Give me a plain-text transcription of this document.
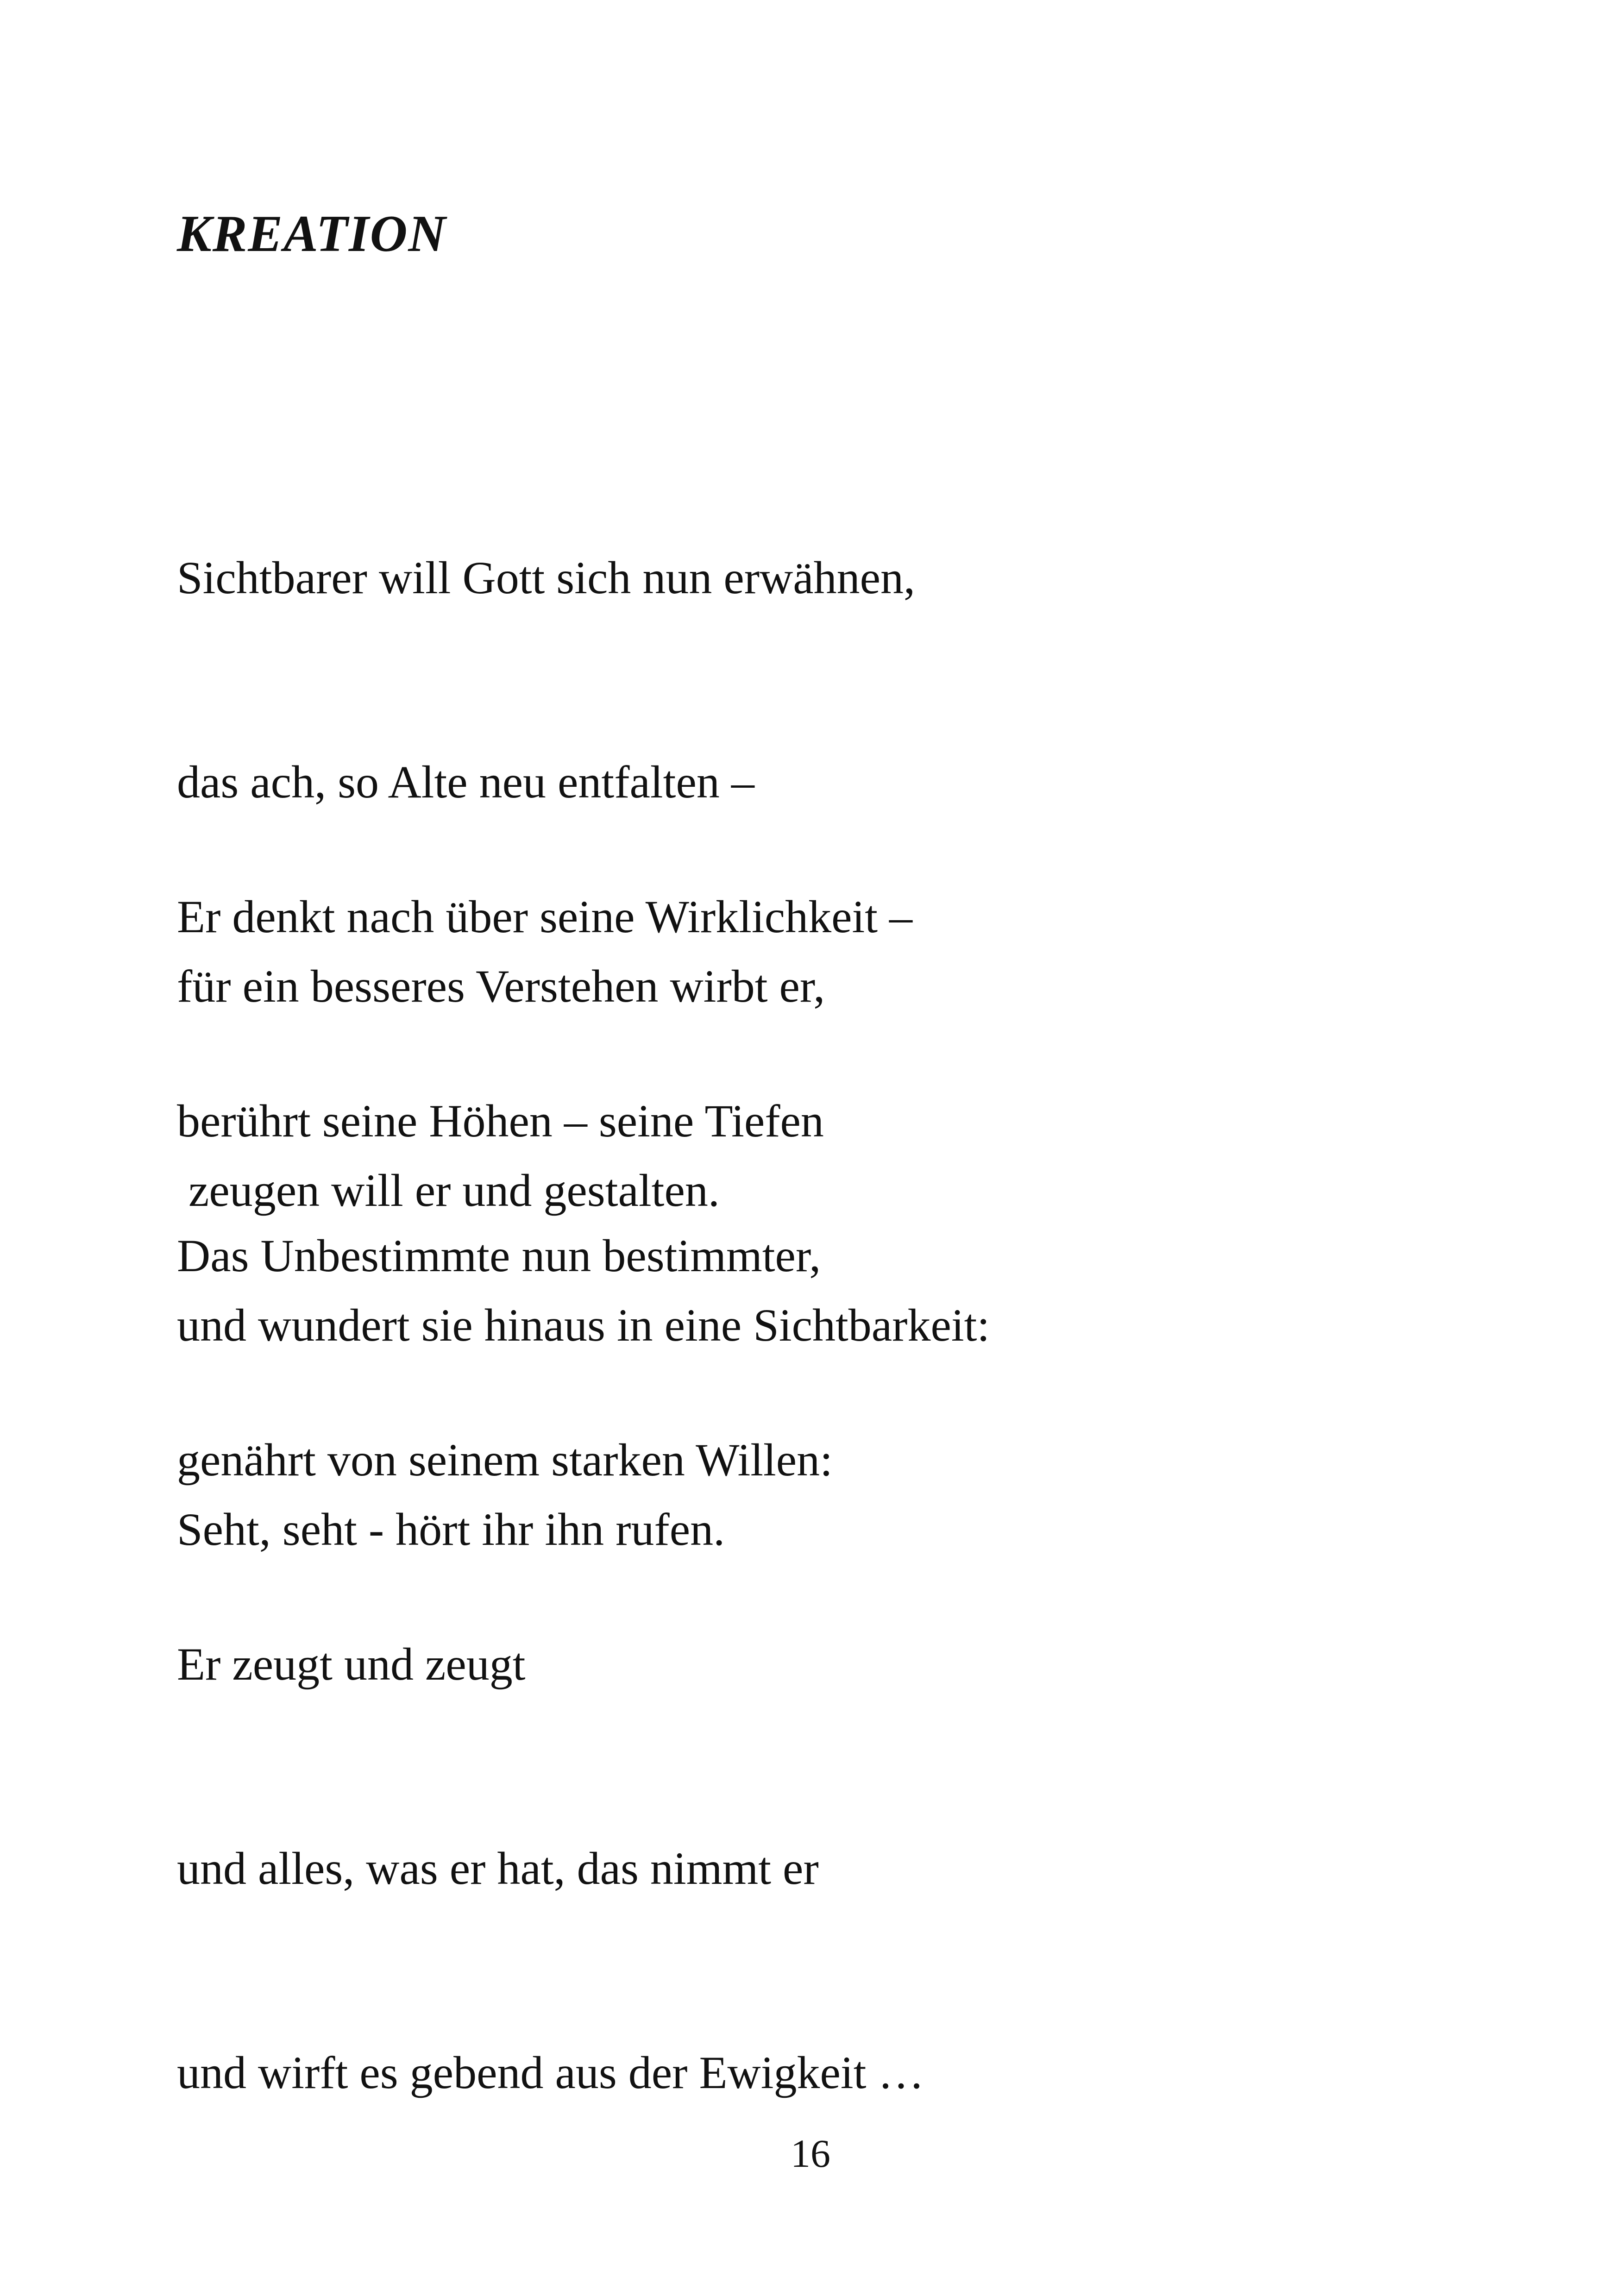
KREATION

Sichtbarer will Gott sich nun erwähnen,

das ach, so Alte neu entfalten –

für ein besseres Verstehen wirbt er,

zeugen will er und gestalten.

Er denkt nach über seine Wirklichkeit –

berührt seine Höhen – seine Tiefen

und wundert sie hinaus in eine Sichtbarkeit:

Seht, seht - hört ihr ihn rufen.

Das Unbestimmte nun bestimmter,

genährt von seinem starken Willen:

Er zeugt und zeugt

und alles, was er hat, das nimmt er

und wirft es gebend aus der Ewigkeit …

16
